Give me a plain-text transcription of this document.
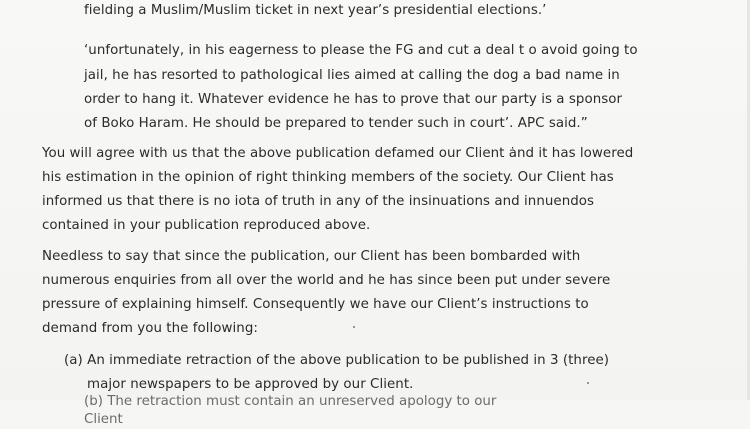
fielding a Muslim/Muslim ticket in next year’s presidential elections.’
‘unfortunately, in his eagerness to please the FG and cut a deal t o avoid going to
jail, he has resorted to pathological lies aimed at calling the dog a bad name in
order to hang it. Whatever evidence he has to prove that our party is a sponsor
of Boko Haram. He should be prepared to tender such in court’. APC said.”
You will agree with us that the above publication defamed our Client ȧnd it has lowered
his estimation in the opinion of right thinking members of the society. Our Client has
informed us that there is no iota of truth in any of the insinuations and innuendos
contained in your publication reproduced above.
Needless to say that since the publication, our Client has been bombarded with
numerous enquiries from all over the world and he has since been put under severe
pressure of explaining himself. Consequently we have our Client’s instructions to
demand from you the following:
(a) An immediate retraction of the above publication to be published in 3 (three)
major newspapers to be approved by our Client.
(b) The retraction must contain an unreserved apology to our Client
